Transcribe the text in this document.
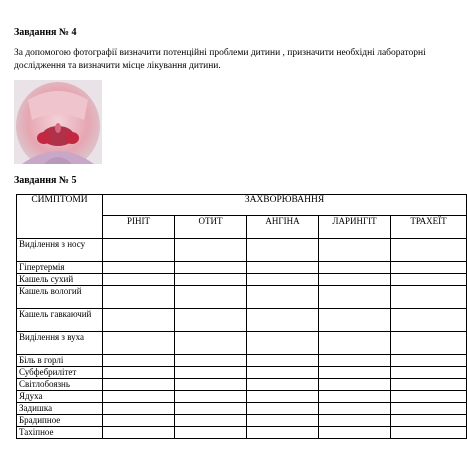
Завдання № 4
За допомогою фотографії визначити потенційні проблеми дитини , призначити необхідні лабораторні дослідження та визначити місце лікування дитини.
Завдання № 5
СИМПТОМИ	ЗАХВОРЮВАННЯ				
	РІНІТ	ОТИТ	АНГІНА	ЛАРИНГІТ	ТРАХЕЇТ
Виділення з носу					
Гіпертермія					
Кашель сухий					
Кашель вологий					
Кашель гавкаючий					
Виділення з вуха					
Біль в горлі					
Субфебрилітет					
Світлобоязнь					
Ядуха					
Задишка					
Брадипное					
Тахіпное					
